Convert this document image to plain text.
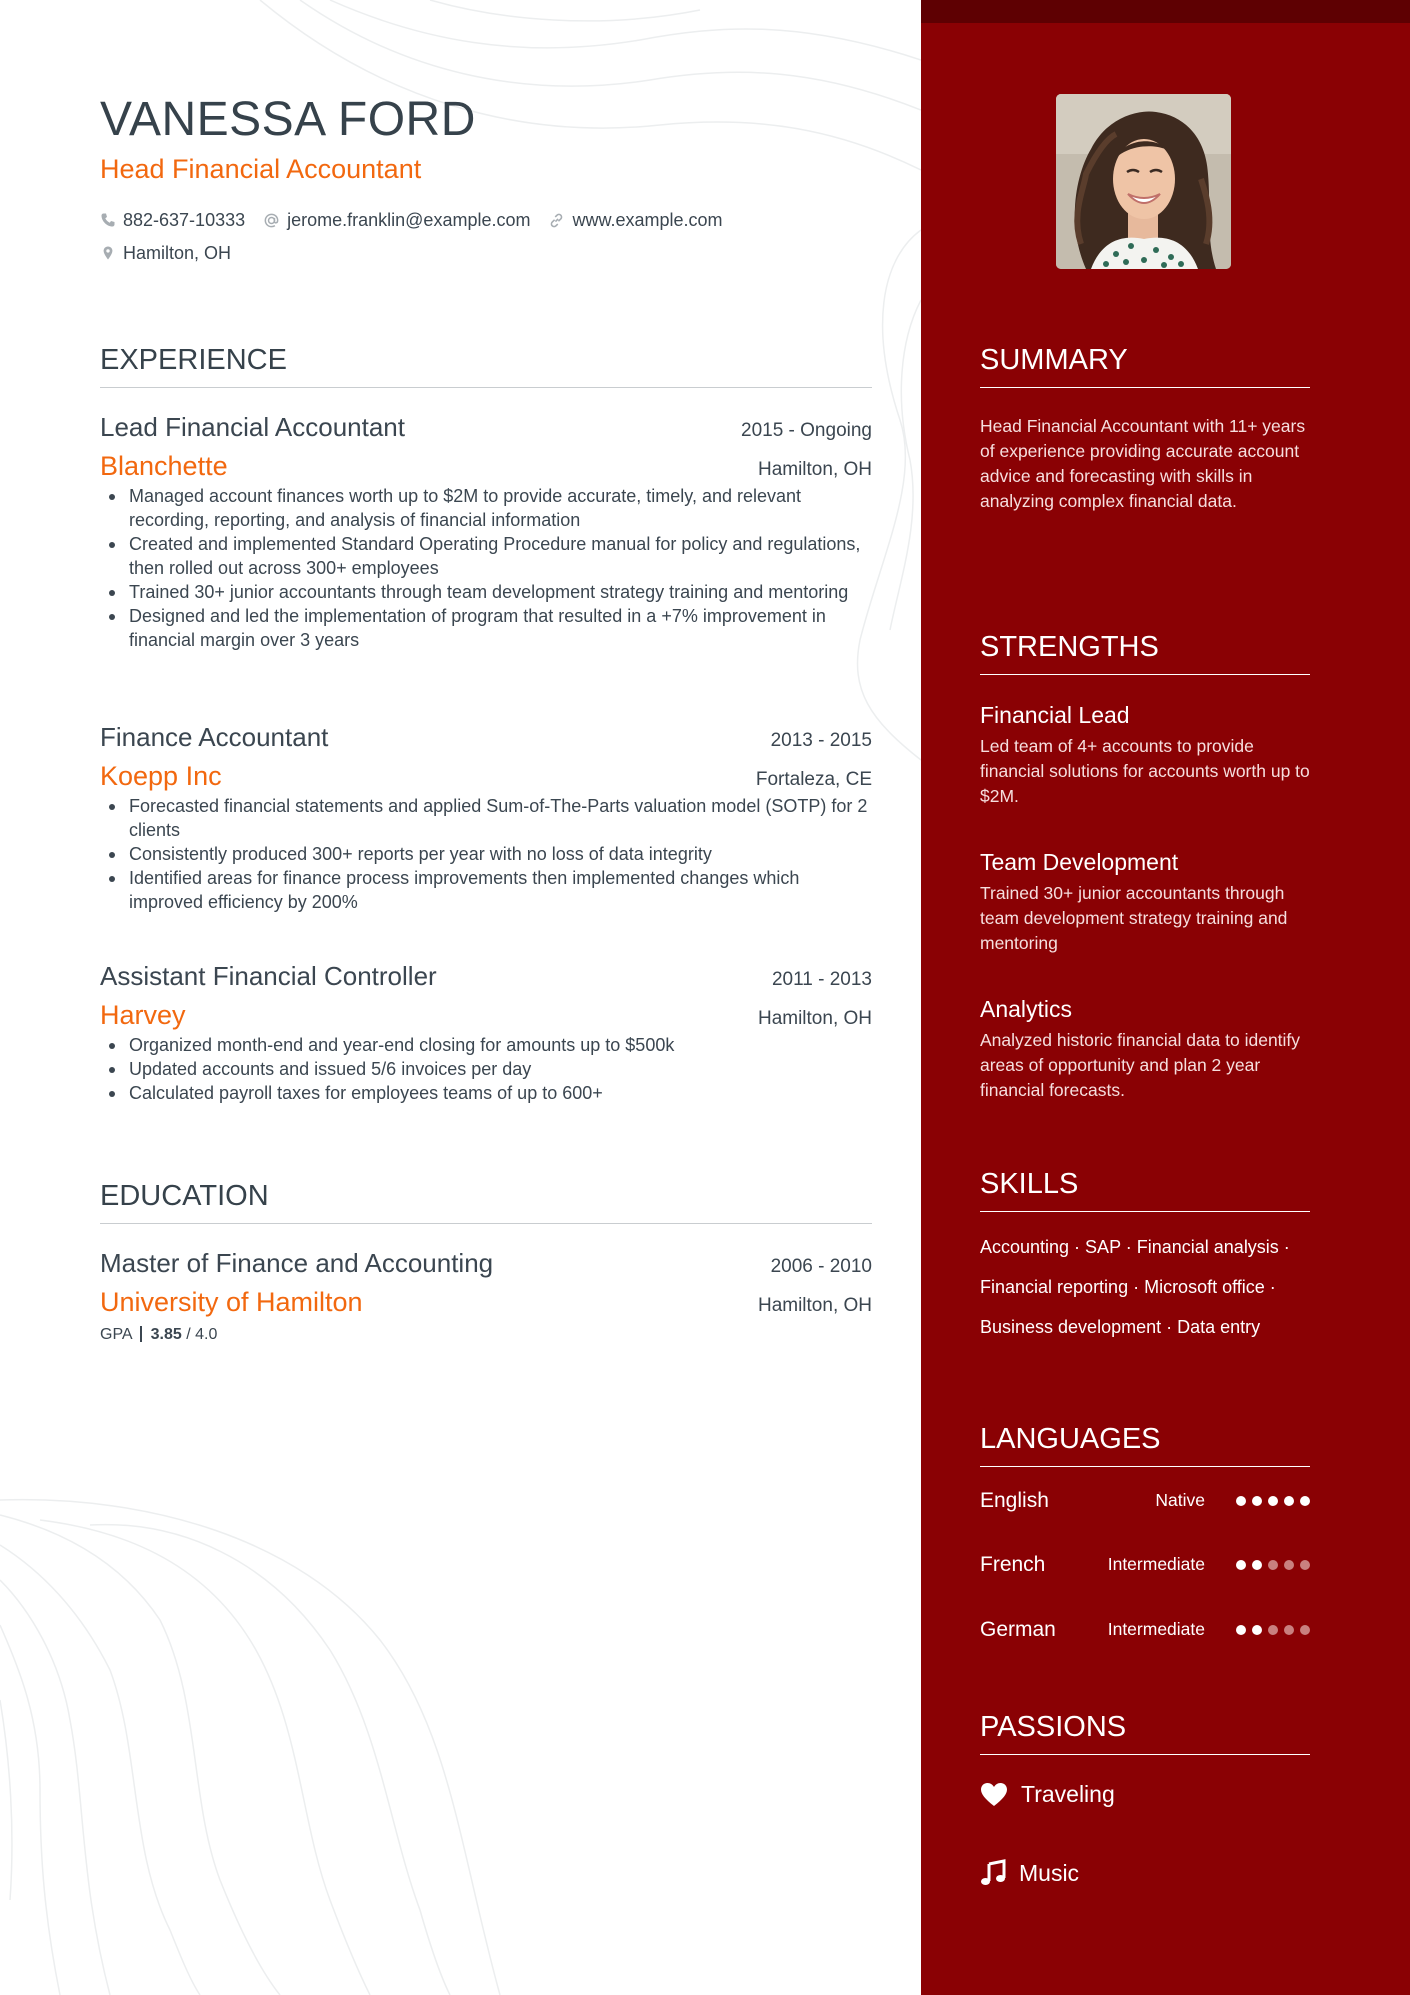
VANESSA FORD
Head Financial Accountant
882-637-10333 jerome.franklin@example.com www.example.com
Hamilton, OH
EXPERIENCE
Lead Financial Accountant	2015 - Ongoing
Blanchette	Hamilton, OH
Managed account finances worth up to $2M to provide accurate, timely, and relevant recording, reporting, and analysis of financial information
Created and implemented Standard Operating Procedure manual for policy and regulations, then rolled out across 300+ employees
Trained 30+ junior accountants through team development strategy training and mentoring
Designed and led the implementation of program that resulted in a +7% improvement in financial margin over 3 years
Finance Accountant	2013 - 2015
Koepp Inc	Fortaleza, CE
Forecasted financial statements and applied Sum-of-The-Parts valuation model (SOTP) for 2 clients
Consistently produced 300+ reports per year with no loss of data integrity
Identified areas for finance process improvements then implemented changes which improved efficiency by 200%
Assistant Financial Controller	2011 - 2013
Harvey	Hamilton, OH
Organized month-end and year-end closing for amounts up to $500k
Updated accounts and issued 5/6 invoices per day
Calculated payroll taxes for employees teams of up to 600+
EDUCATION
Master of Finance and Accounting	2006 - 2010
University of Hamilton	Hamilton, OH
GPA 3.85 / 4.0
SUMMARY
Head Financial Accountant with 11+ years of experience providing accurate account advice and forecasting with skills in analyzing complex financial data.
STRENGTHS
Financial Lead
Led team of 4+ accounts to provide financial solutions for accounts worth up to $2M.
Team Development
Trained 30+ junior accountants through team development strategy training and mentoring
Analytics
Analyzed historic financial data to identify areas of opportunity and plan 2 year financial forecasts.
SKILLS
Accounting · SAP · Financial analysis · Financial reporting · Microsoft office · Business development · Data entry
LANGUAGES
English	Native
French	Intermediate
German	Intermediate
PASSIONS
Traveling
Music
